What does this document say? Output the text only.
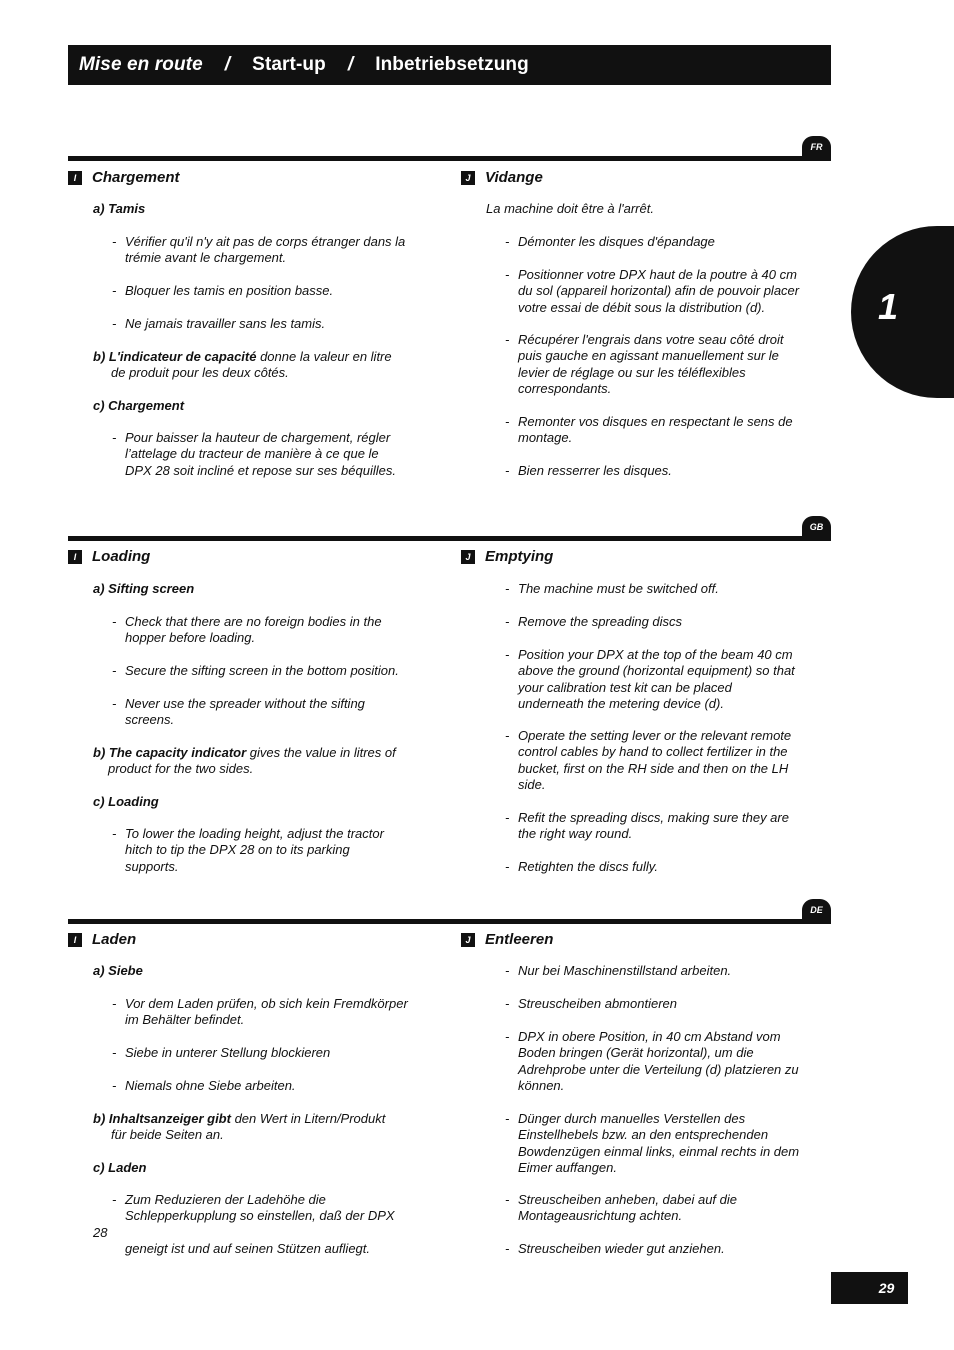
Mise en route / Start-up / Inbetriebsetzung
1
FR
I	Chargement
a) Tamis
- Vérifier qu'il n'y ait pas de corps étranger dans la
trémie avant le chargement.
- Bloquer les tamis en position basse.
- Ne jamais travailler sans les tamis.
b) L'indicateur de capacité donne la valeur en litre
de produit pour les deux côtés.
c) Chargement
- Pour baisser la hauteur de chargement, régler
l’attelage du tracteur de manière à ce que le
DPX 28 soit incliné et repose sur ses béquilles.
J Vidange
La machine doit être à l'arrêt.
- Démonter les disques d'épandage
- Positionner votre DPX haut de la poutre à 40 cm
du sol (appareil horizontal) afin de pouvoir placer
votre essai de débit sous la distribution (d).
- Récupérer l'engrais dans votre seau côté droit
puis gauche en agissant manuellement sur le
levier de réglage ou sur les téléflexibles
correspondants.
- Remonter vos disques en respectant le sens de
montage.
- Bien resserrer les disques.
GB
I	Loading
a) Sifting screen
- Check that there are no foreign bodies in the
hopper before loading.
- Secure the sifting screen in the bottom position.
- Never use the spreader without the sifting
screens.
b) The capacity indicator gives the value in litres of
product for the two sides.
c) Loading
- To lower the loading height, adjust the tractor
hitch to tip the DPX 28 on to its parking
supports.
J Emptying
- The machine must be switched off.
- Remove the spreading discs
- Position your DPX at the top of the beam 40 cm
above the ground (horizontal equipment) so that
your calibration test kit can be placed
underneath the metering device (d).
- Operate the setting lever or the relevant remote
control cables by hand to collect fertilizer in the
bucket, first on the RH side and then on the LH
side.
- Refit the spreading discs, making sure they are
the right way round.
- Retighten the discs fully.
DE
I	Laden
a) Siebe
- Vor dem Laden prüfen, ob sich kein Fremdkörper
im Behälter befindet.
- Siebe in unterer Stellung blockieren
- Niemals ohne Siebe arbeiten.
b) Inhaltsanzeiger gibt den Wert in Litern/Produkt
für beide Seiten an.
c) Laden
- Zum Reduzieren der Ladehöhe die
Schlepperkupplung so einstellen, daß der DPX
28
geneigt ist und auf seinen Stützen aufliegt.
J Entleeren
- Nur bei Maschinenstillstand arbeiten.
- Streuscheiben abmontieren
- DPX in obere Position, in 40 cm Abstand vom
Boden bringen (Gerät horizontal), um die
Adrehprobe unter die Verteilung (d) platzieren zu
können.
- Dünger durch manuelles Verstellen des
Einstellhebels bzw. an den entsprechenden
Bowdenzügen einmal links, einmal rechts in dem
Eimer auffangen.
- Streuscheiben anheben, dabei auf die
Montageausrichtung achten.
- Streuscheiben wieder gut anziehen.
29
